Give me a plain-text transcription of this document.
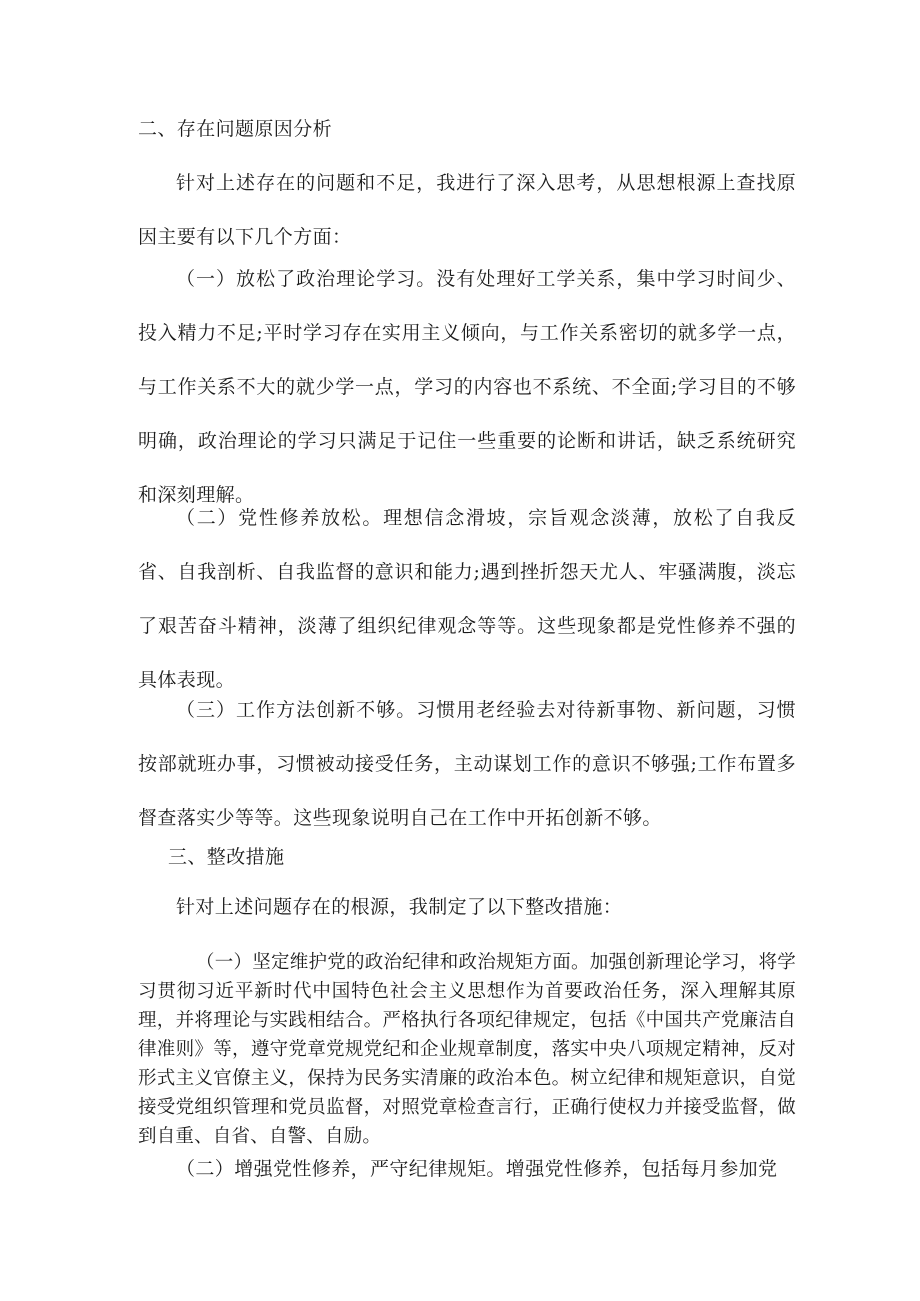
二、存在问题原因分析

针对上述存在的问题和不足，我进行了深入思考，从思想根源上查找原因主要有以下几个方面：

（一）放松了政治理论学习。没有处理好工学关系，集中学习时间少、投入精力不足;平时学习存在实用主义倾向，与工作关系密切的就多学一点，与工作关系不大的就少学一点，学习的内容也不系统、不全面;学习目的不够明确，政治理论的学习只满足于记住一些重要的论断和讲话，缺乏系统研究和深刻理解。

（二）党性修养放松。理想信念滑坡，宗旨观念淡薄，放松了自我反省、自我剖析、自我监督的意识和能力;遇到挫折怨天尤人、牢骚满腹，淡忘了艰苦奋斗精神，淡薄了组织纪律观念等等。这些现象都是党性修养不强的具体表现。

（三）工作方法创新不够。习惯用老经验去对待新事物、新问题，习惯按部就班办事，习惯被动接受任务，主动谋划工作的意识不够强;工作布置多督查落实少等等。这些现象说明自己在工作中开拓创新不够。

三、整改措施

针对上述问题存在的根源，我制定了以下整改措施：

（一）坚定维护党的政治纪律和政治规矩方面。加强创新理论学习，将学习贯彻习近平新时代中国特色社会主义思想作为首要政治任务，深入理解其原理，并将理论与实践相结合。严格执行各项纪律规定，包括《中国共产党廉洁自律准则》等，遵守党章党规党纪和企业规章制度，落实中央八项规定精神，反对形式主义官僚主义，保持为民务实清廉的政治本色。树立纪律和规矩意识，自觉接受党组织管理和党员监督，对照党章检查言行，正确行使权力并接受监督，做到自重、自省、自警、自励。

（二）增强党性修养，严守纪律规矩。增强党性修养，包括每月参加党
